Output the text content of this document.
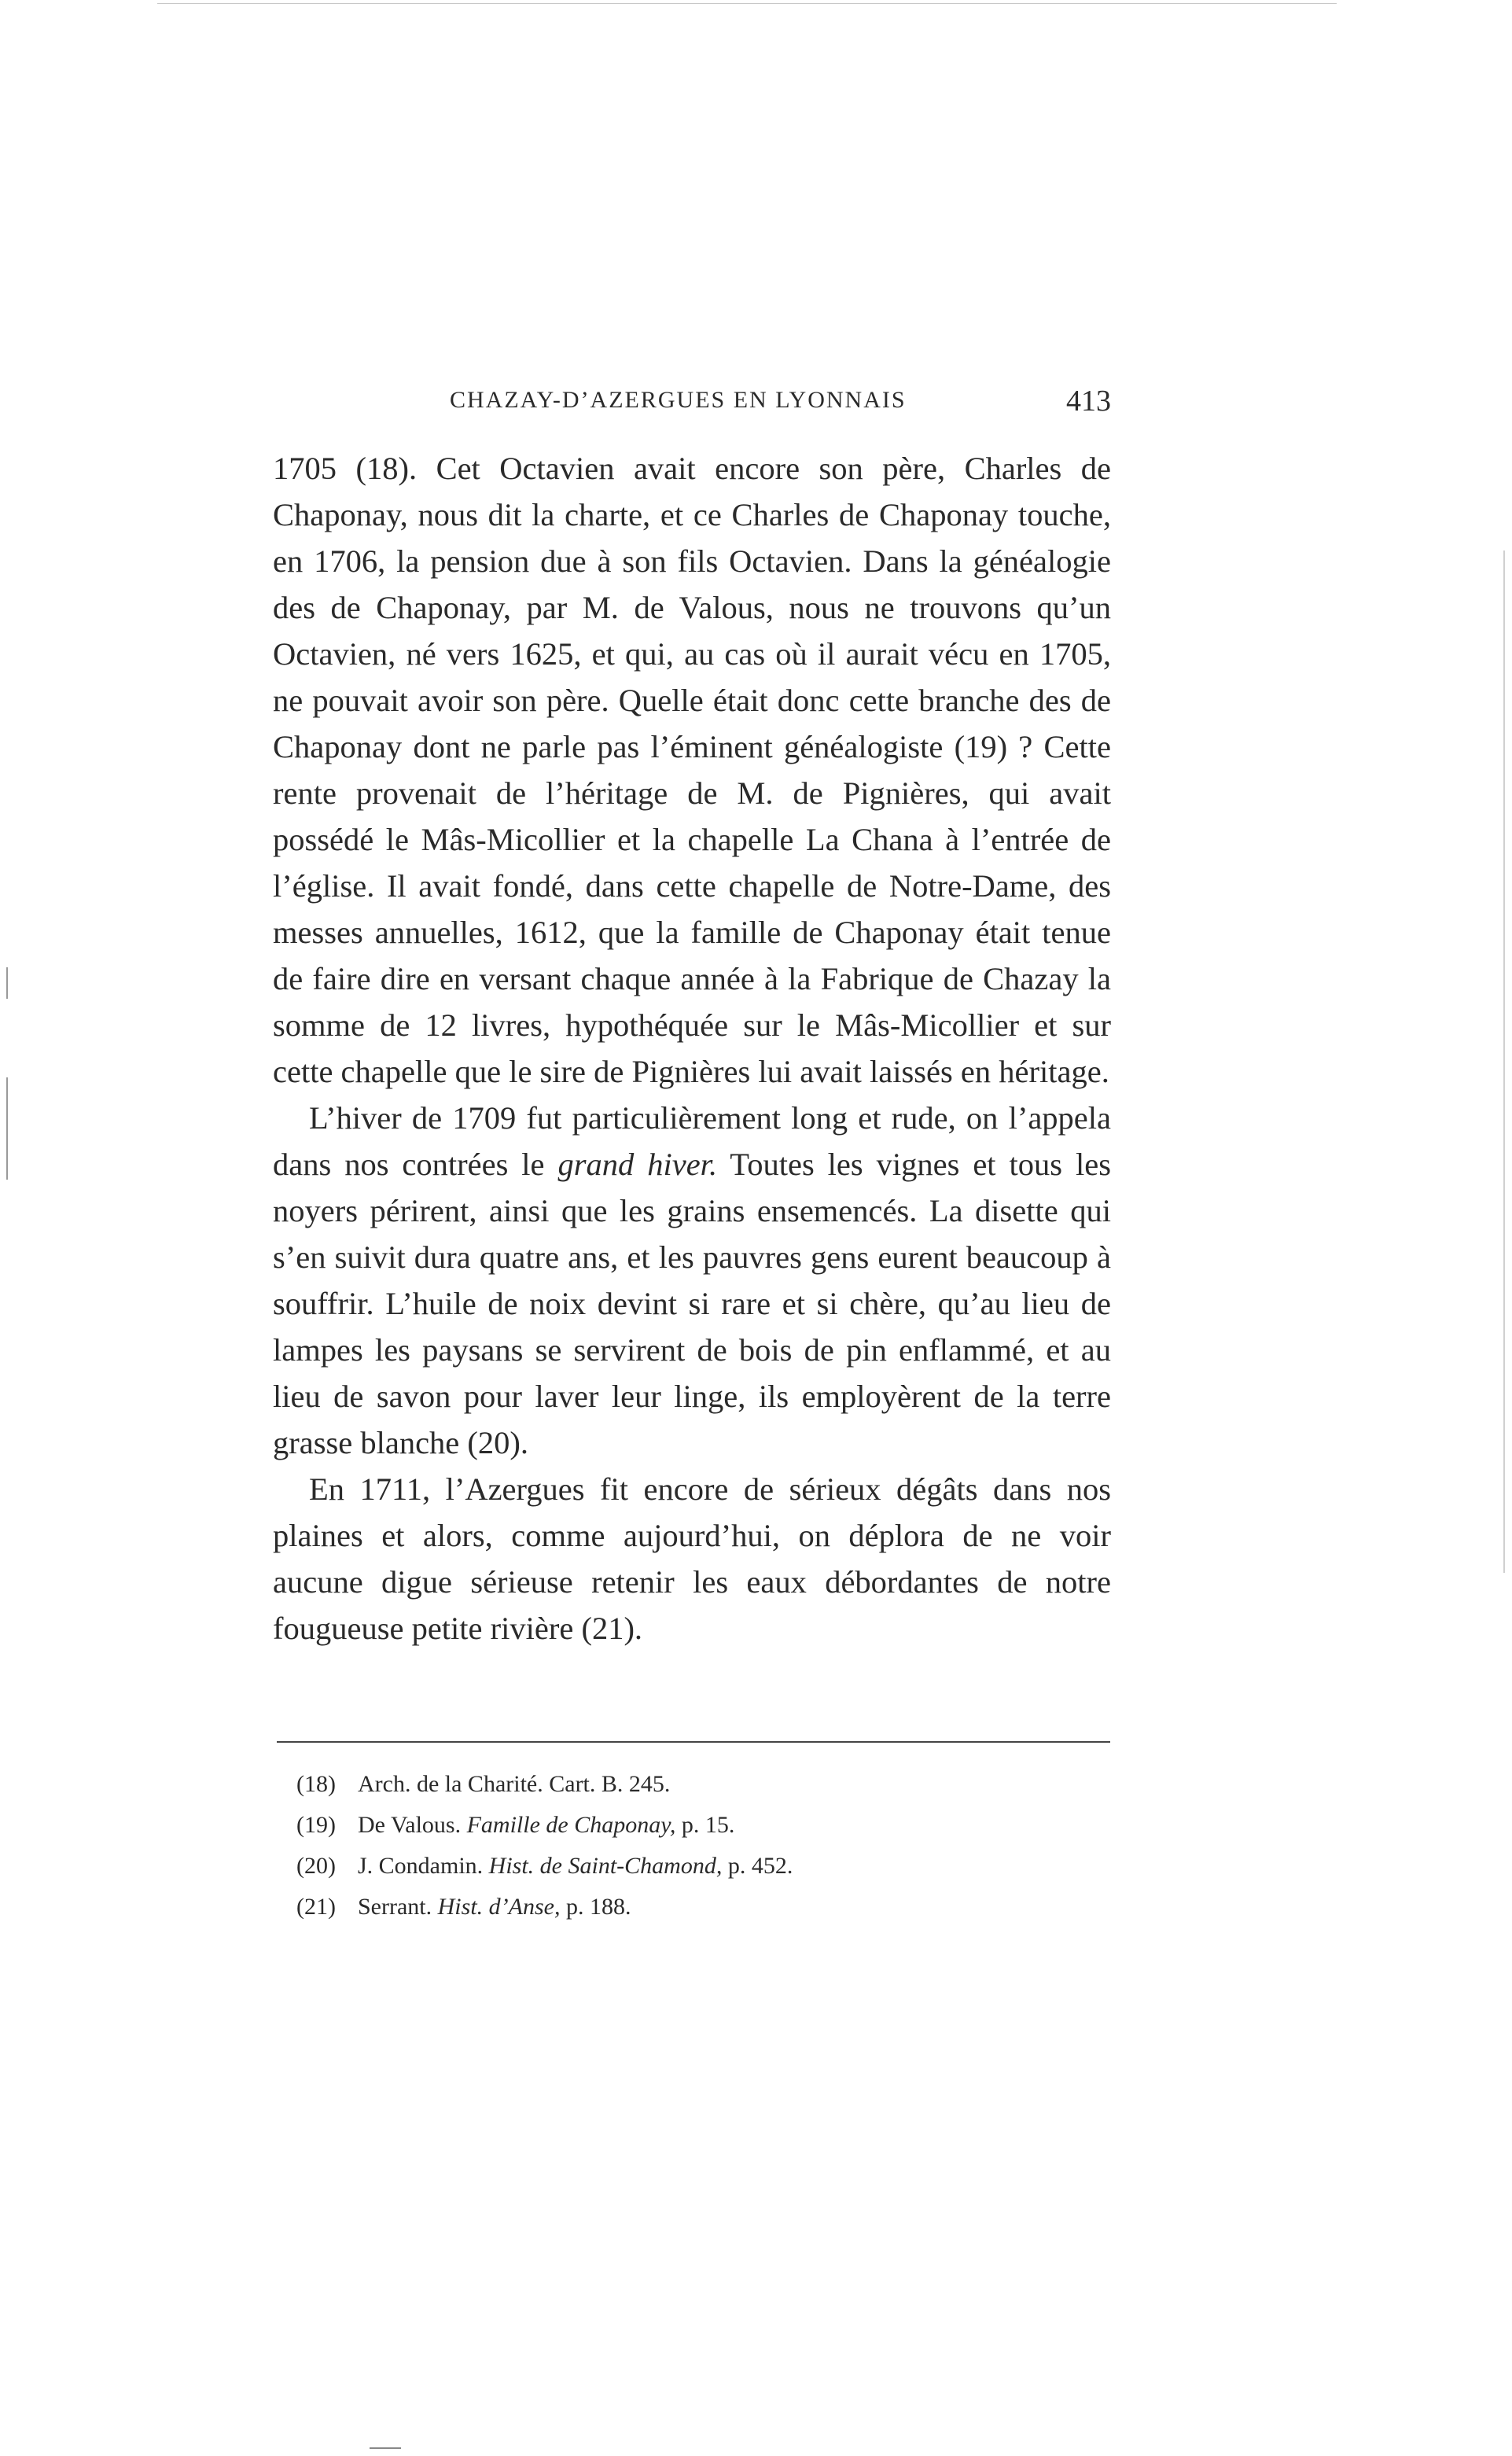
CHAZAY-D’AZERGUES EN LYONNAIS	413

1705 (18). Cet Octavien avait encore son père, Charles de Chaponay, nous dit la charte, et ce Charles de Chaponay touche, en 1706, la pension due à son fils Octavien. Dans la généalogie des de Chaponay, par M. de Valous, nous ne trouvons qu’un Octavien, né vers 1625, et qui, au cas où il aurait vécu en 1705, ne pouvait avoir son père. Quelle était donc cette branche des de Chaponay dont ne parle pas l’éminent généalogiste (19) ? Cette rente provenait de l’héritage de M. de Pignières, qui avait possédé le Mâs-Micollier et la chapelle La Chana à l’entrée de l’église. Il avait fondé, dans cette chapelle de Notre-Dame, des messes annuelles, 1612, que la famille de Chaponay était tenue de faire dire en versant chaque année à la Fabrique de Chazay la somme de 12 livres, hypothéquée sur le Mâs-Micollier et sur cette chapelle que le sire de Pignières lui avait laissés en héritage.

L’hiver de 1709 fut particulièrement long et rude, on l’appela dans nos contrées le grand hiver. Toutes les vignes et tous les noyers périrent, ainsi que les grains ensemencés. La disette qui s’en suivit dura quatre ans, et les pauvres gens eurent beaucoup à souffrir. L’huile de noix devint si rare et si chère, qu’au lieu de lampes les paysans se servirent de bois de pin enflammé, et au lieu de savon pour laver leur linge, ils employèrent de la terre grasse blanche (20).

En 1711, l’Azergues fit encore de sérieux dégâts dans nos plaines et alors, comme aujourd’hui, on déplora de ne voir aucune digue sérieuse retenir les eaux débordantes de notre fougueuse petite rivière (21).

(18) Arch. de la Charité. Cart. B. 245.

(19) De Valous. Famille de Chaponay, p. 15.

(20) J. Condamin. Hist. de Saint-Chamond, p. 452.

(21) Serrant. Hist. d’Anse, p. 188.
